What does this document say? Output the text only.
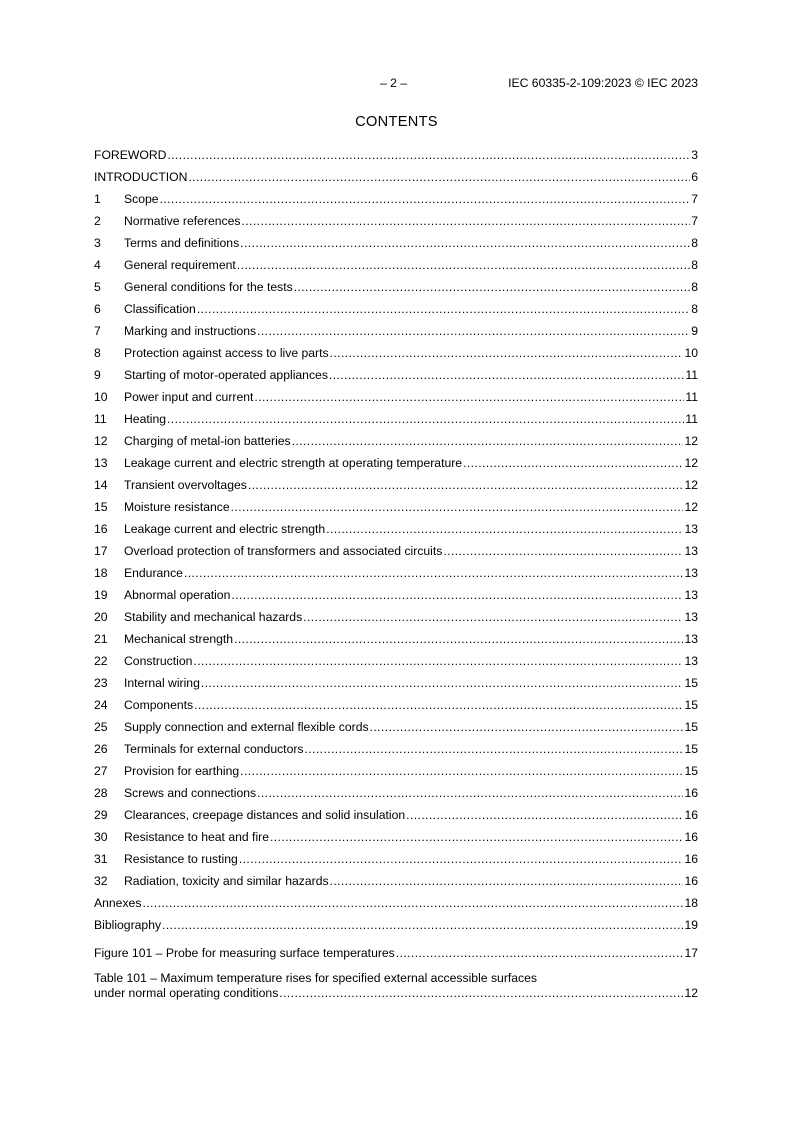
– 2 –	IEC 60335-2-109:2023 © IEC 2023
CONTENTS
FOREWORD .....	3
INTRODUCTION .....	6
1	Scope .....	7
2	Normative references .....	7
3	Terms and definitions .....	8
4	General requirement .....	8
5	General conditions for the tests .....	8
6	Classification .....	8
7	Marking and instructions .....	9
8	Protection against access to live parts .....	10
9	Starting of motor-operated appliances .....	11
10	Power input and current .....	11
11	Heating .....	11
12	Charging of metal-ion batteries .....	12
13	Leakage current and electric strength at operating temperature .....	12
14	Transient overvoltages .....	12
15	Moisture resistance .....	12
16	Leakage current and electric strength .....	13
17	Overload protection of transformers and associated circuits .....	13
18	Endurance .....	13
19	Abnormal operation .....	13
20	Stability and mechanical hazards .....	13
21	Mechanical strength .....	13
22	Construction .....	13
23	Internal wiring .....	15
24	Components .....	15
25	Supply connection and external flexible cords .....	15
26	Terminals for external conductors .....	15
27	Provision for earthing .....	15
28	Screws and connections .....	16
29	Clearances, creepage distances and solid insulation .....	16
30	Resistance to heat and fire .....	16
31	Resistance to rusting .....	16
32	Radiation, toxicity and similar hazards .....	16
Annexes .....	18
Bibliography .....	19
Figure 101 – Probe for measuring surface temperatures .....	17
Table 101 – Maximum temperature rises for specified external accessible surfaces
under normal operating conditions .....	12
